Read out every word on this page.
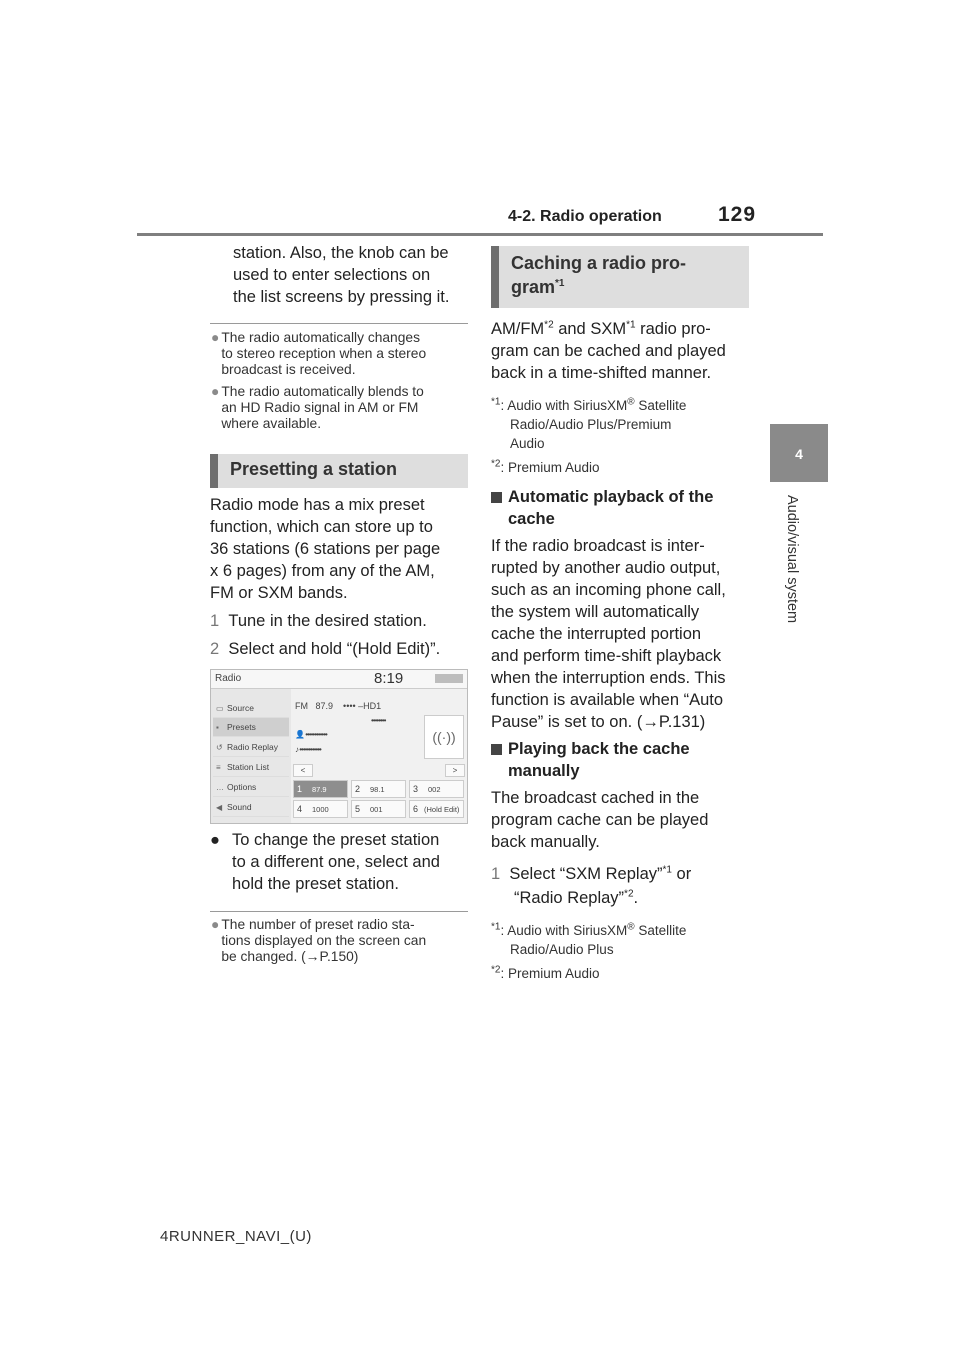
4-2. Radio operation	129
4
Audio/visual system
station. Also, the knob can be
used to enter selections on
the list screens by pressing it.
● The radio automatically changes
to stereo reception when a stereo
broadcast is received.
● The radio automatically blends to
an HD Radio signal in AM or FM
where available.
Presetting a station
Radio mode has a mix preset
function, which can store up to
36 stations (6 stations per page
x 6 pages) from any of the AM,
FM or SXM bands.
1 Tune in the desired station.
2 Select and hold “(Hold Edit)”.
Radio	8:19
▭ Source
▪ Presets
↺ Radio Replay
≡ Station List
… Options
◀ Sound
FM 87.9    •••• –HD1
••••••••
👤 ••••••••••••
♪ ••••••••••••
((·))
<	>
1 87.9	2 98.1	3 002
4 1000	5 001	6 (Hold Edit)
● To change the preset station
to a different one, select and
hold the preset station.
● The number of preset radio sta-
tions displayed on the screen can
be changed. (→P.150)
Caching a radio pro-
gram$^{*1}$
AM/FM$^{*2}$ and SXM$^{*1}$ radio pro-
gram can be cached and played
back in a time-shifted manner.
$^{*1}$: Audio with SiriusXM® Satellite
Radio/Audio Plus/Premium
Audio
$^{*2}$: Premium Audio
Automatic playback of the
cache
If the radio broadcast is inter-
rupted by another audio output,
such as an incoming phone call,
the system will automatically
cache the interrupted portion
and perform time-shift playback
when the interruption ends. This
function is available when “Auto
Pause” is set to on. (→P.131)
Playing back the cache
manually
The broadcast cached in the
program cache can be played
back manually.
1 Select “SXM Replay”$^{*1}$ or
“Radio Replay”$^{*2}$.
$^{*1}$: Audio with SiriusXM® Satellite
Radio/Audio Plus
$^{*2}$: Premium Audio
4RUNNER_NAVI_(U)
